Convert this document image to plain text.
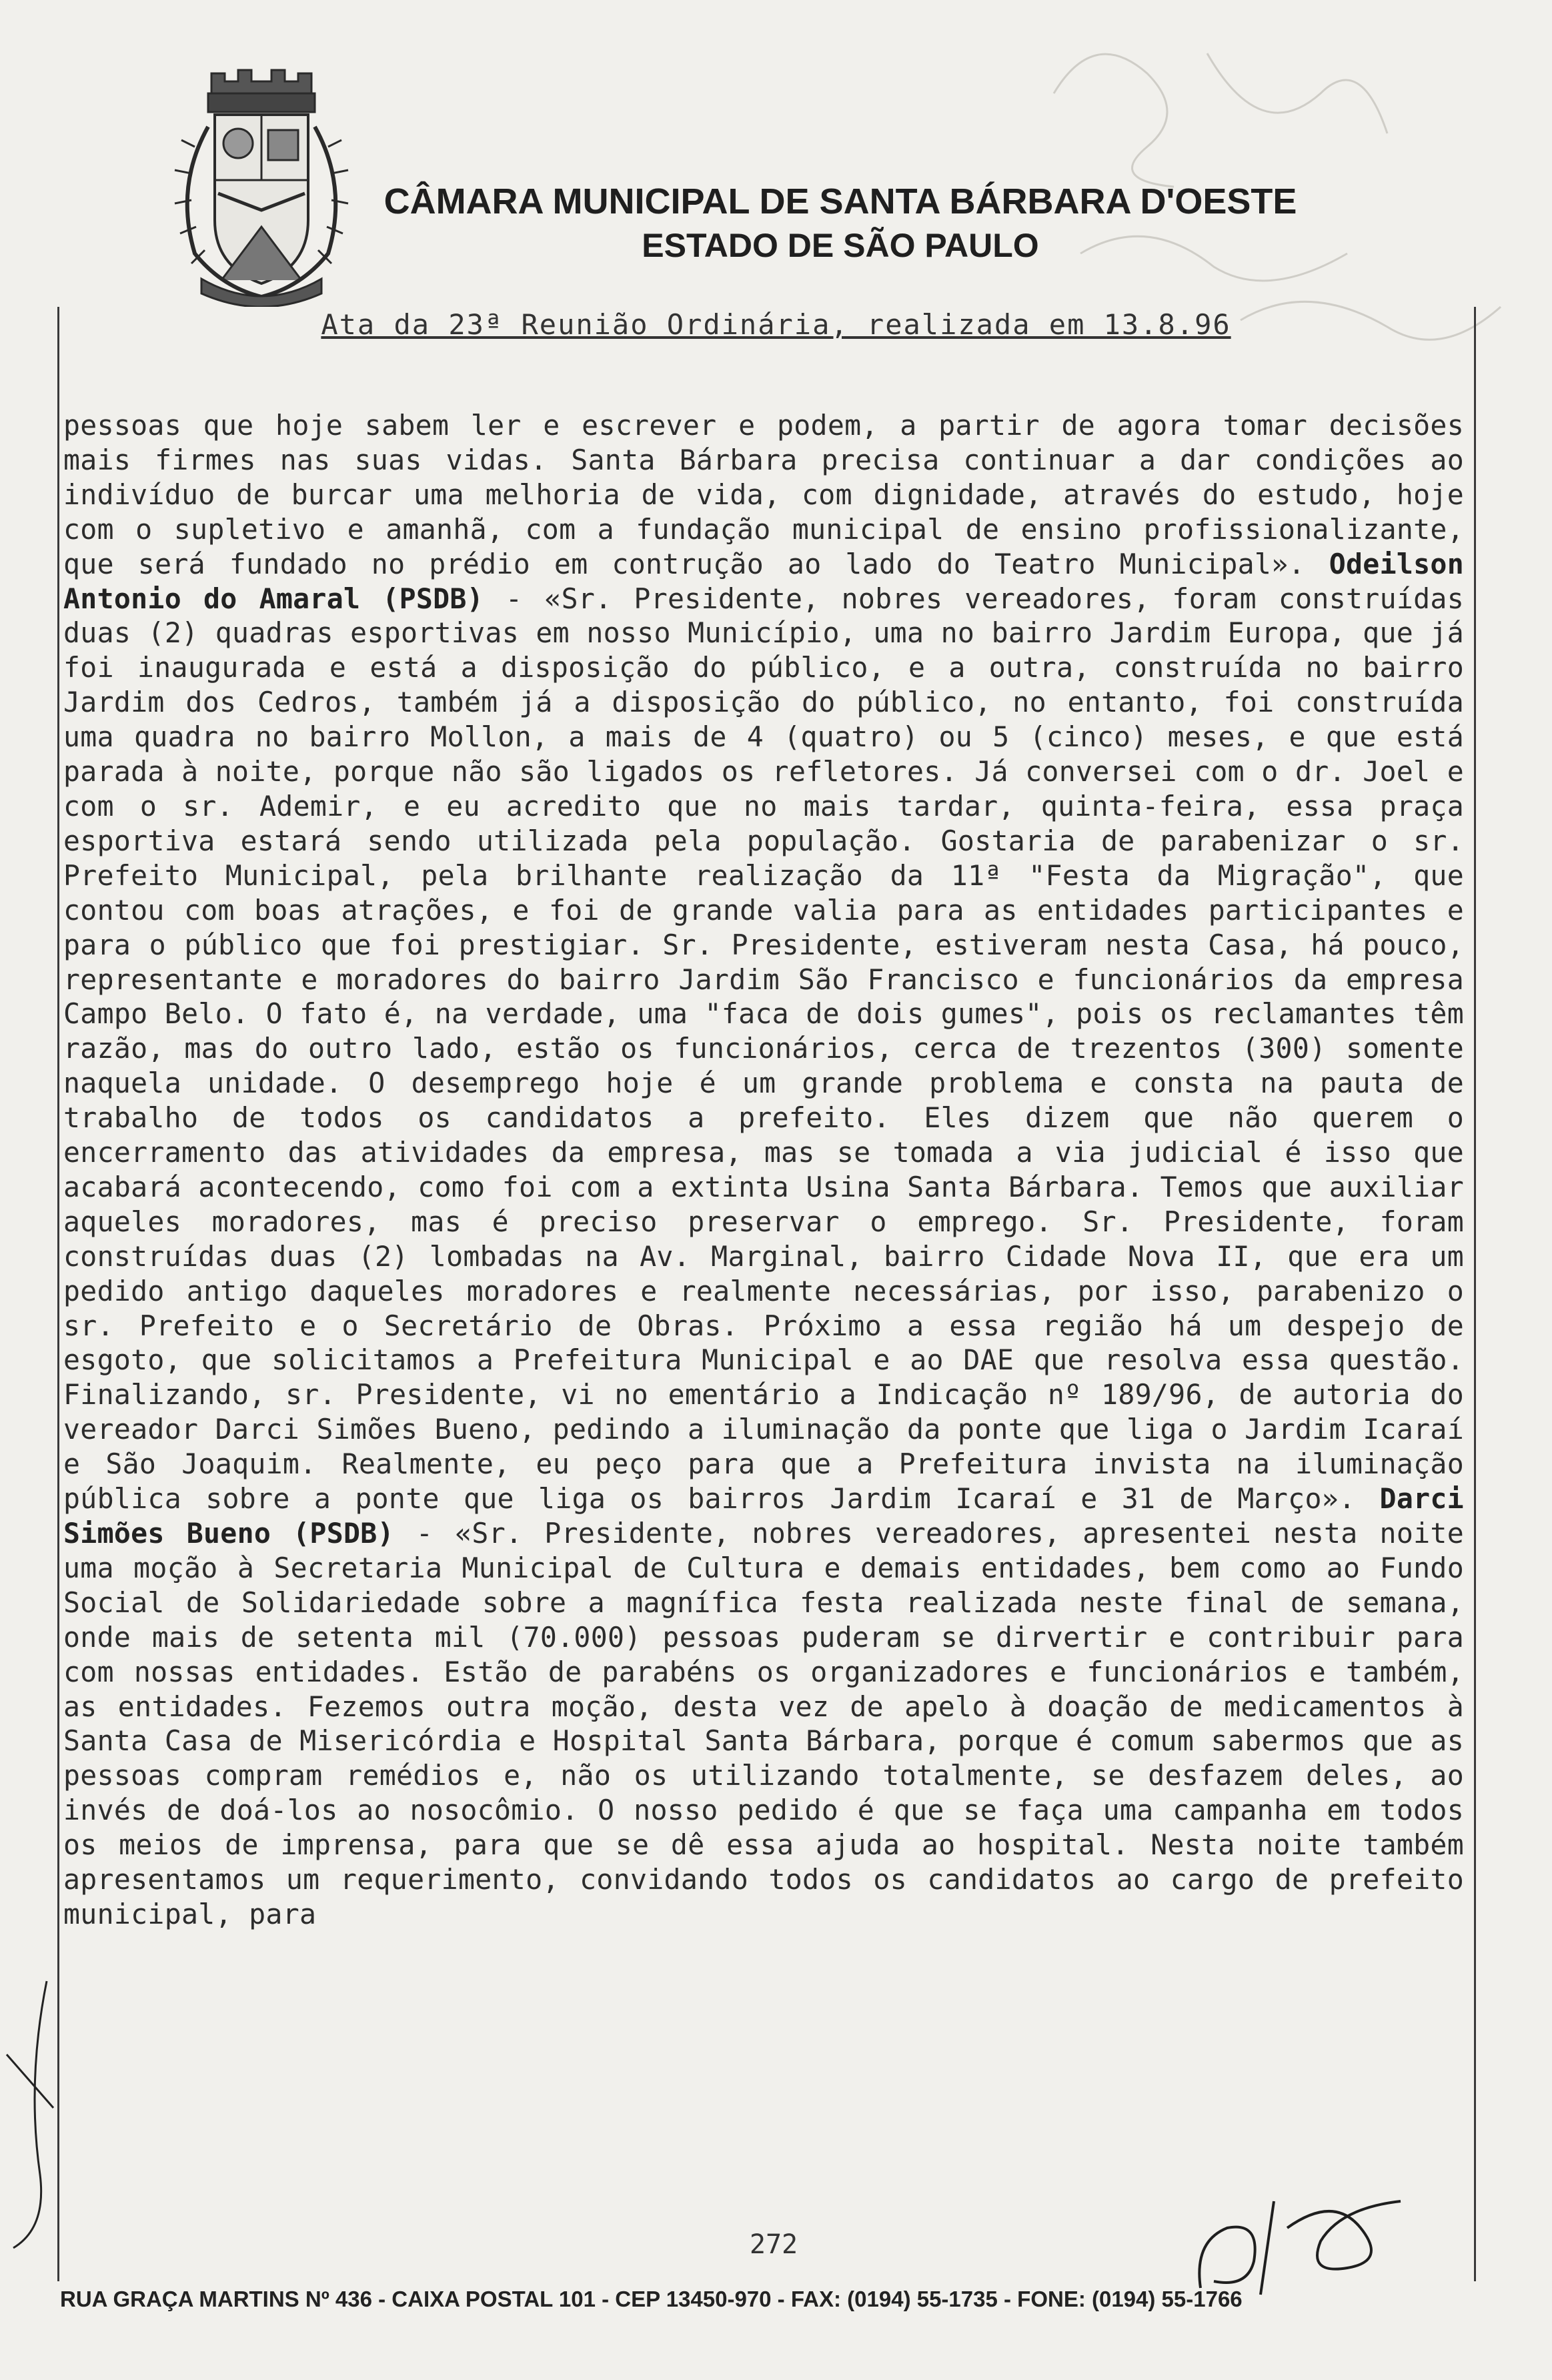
CÂMARA MUNICIPAL DE SANTA BÁRBARA D'OESTE
ESTADO DE SÃO PAULO
Ata da 23ª Reunião Ordinária, realizada em 13.8.96
pessoas que hoje sabem ler e escrever e podem, a partir de agora tomar decisões mais firmes nas suas vidas. Santa Bárbara precisa continuar a dar condições ao indivíduo de burcar uma melhoria de vida, com dignidade, através do estudo, hoje com o supletivo e amanhã, com a fundação municipal de ensino profissionalizante, que será fundado no prédio em contrução ao lado do Teatro Municipal». Odeilson Antonio do Amaral (PSDB) - «Sr. Presidente, nobres vereadores, foram construídas duas (2) quadras esportivas em nosso Município, uma no bairro Jardim Europa, que já foi inaugurada e está a disposição do público, e a outra, construída no bairro Jardim dos Cedros, também já a disposição do público, no entanto, foi construída uma quadra no bairro Mollon, a mais de 4 (quatro) ou 5 (cinco) meses, e que está parada à noite, porque não são ligados os refletores. Já conversei com o dr. Joel e com o sr. Ademir, e eu acredito que no mais tardar, quinta-feira, essa praça esportiva estará sendo utilizada pela população. Gostaria de parabenizar o sr. Prefeito Municipal, pela brilhante realização da 11ª "Festa da Migração", que contou com boas atrações, e foi de grande valia para as entidades participantes e para o público que foi prestigiar. Sr. Presidente, estiveram nesta Casa, há pouco, representante e moradores do bairro Jardim São Francisco e funcionários da empresa Campo Belo. O fato é, na verdade, uma "faca de dois gumes", pois os reclamantes têm razão, mas do outro lado, estão os funcionários, cerca de trezentos (300) somente naquela unidade. O desemprego hoje é um grande problema e consta na pauta de trabalho de todos os candidatos a prefeito. Eles dizem que não querem o encerramento das atividades da empresa, mas se tomada a via judicial é isso que acabará acontecendo, como foi com a extinta Usina Santa Bárbara. Temos que auxiliar aqueles moradores, mas é preciso preservar o emprego. Sr. Presidente, foram construídas duas (2) lombadas na Av. Marginal, bairro Cidade Nova II, que era um pedido antigo daqueles moradores e realmente necessárias, por isso, parabenizo o sr. Prefeito e o Secretário de Obras. Próximo a essa região há um despejo de esgoto, que solicitamos a Prefeitura Municipal e ao DAE que resolva essa questão. Finalizando, sr. Presidente, vi no ementário a Indicação nº 189/96, de autoria do vereador Darci Simões Bueno, pedindo a iluminação da ponte que liga o Jardim Icaraí e São Joaquim. Realmente, eu peço para que a Prefeitura invista na iluminação pública sobre a ponte que liga os bairros Jardim Icaraí e 31 de Março». Darci Simões Bueno (PSDB) - «Sr. Presidente, nobres vereadores, apresentei nesta noite uma moção à Secretaria Municipal de Cultura e demais entidades, bem como ao Fundo Social de Solidariedade sobre a magnífica festa realizada neste final de semana, onde mais de setenta mil (70.000) pessoas puderam se dirvertir e contribuir para com nossas entidades. Estão de parabéns os organizadores e funcionários e também, as entidades. Fezemos outra moção, desta vez de apelo à doação de medicamentos à Santa Casa de Misericórdia e Hospital Santa Bárbara, porque é comum sabermos que as pessoas compram remédios e, não os utilizando totalmente, se desfazem deles, ao invés de doá-los ao nosocômio. O nosso pedido é que se faça uma campanha em todos os meios de imprensa, para que se dê essa ajuda ao hospital. Nesta noite também apresentamos um requerimento, convidando todos os candidatos ao cargo de prefeito municipal, para
272
RUA GRAÇA MARTINS Nº 436 - CAIXA POSTAL 101 - CEP 13450-970 - FAX: (0194) 55-1735 - FONE: (0194) 55-1766
